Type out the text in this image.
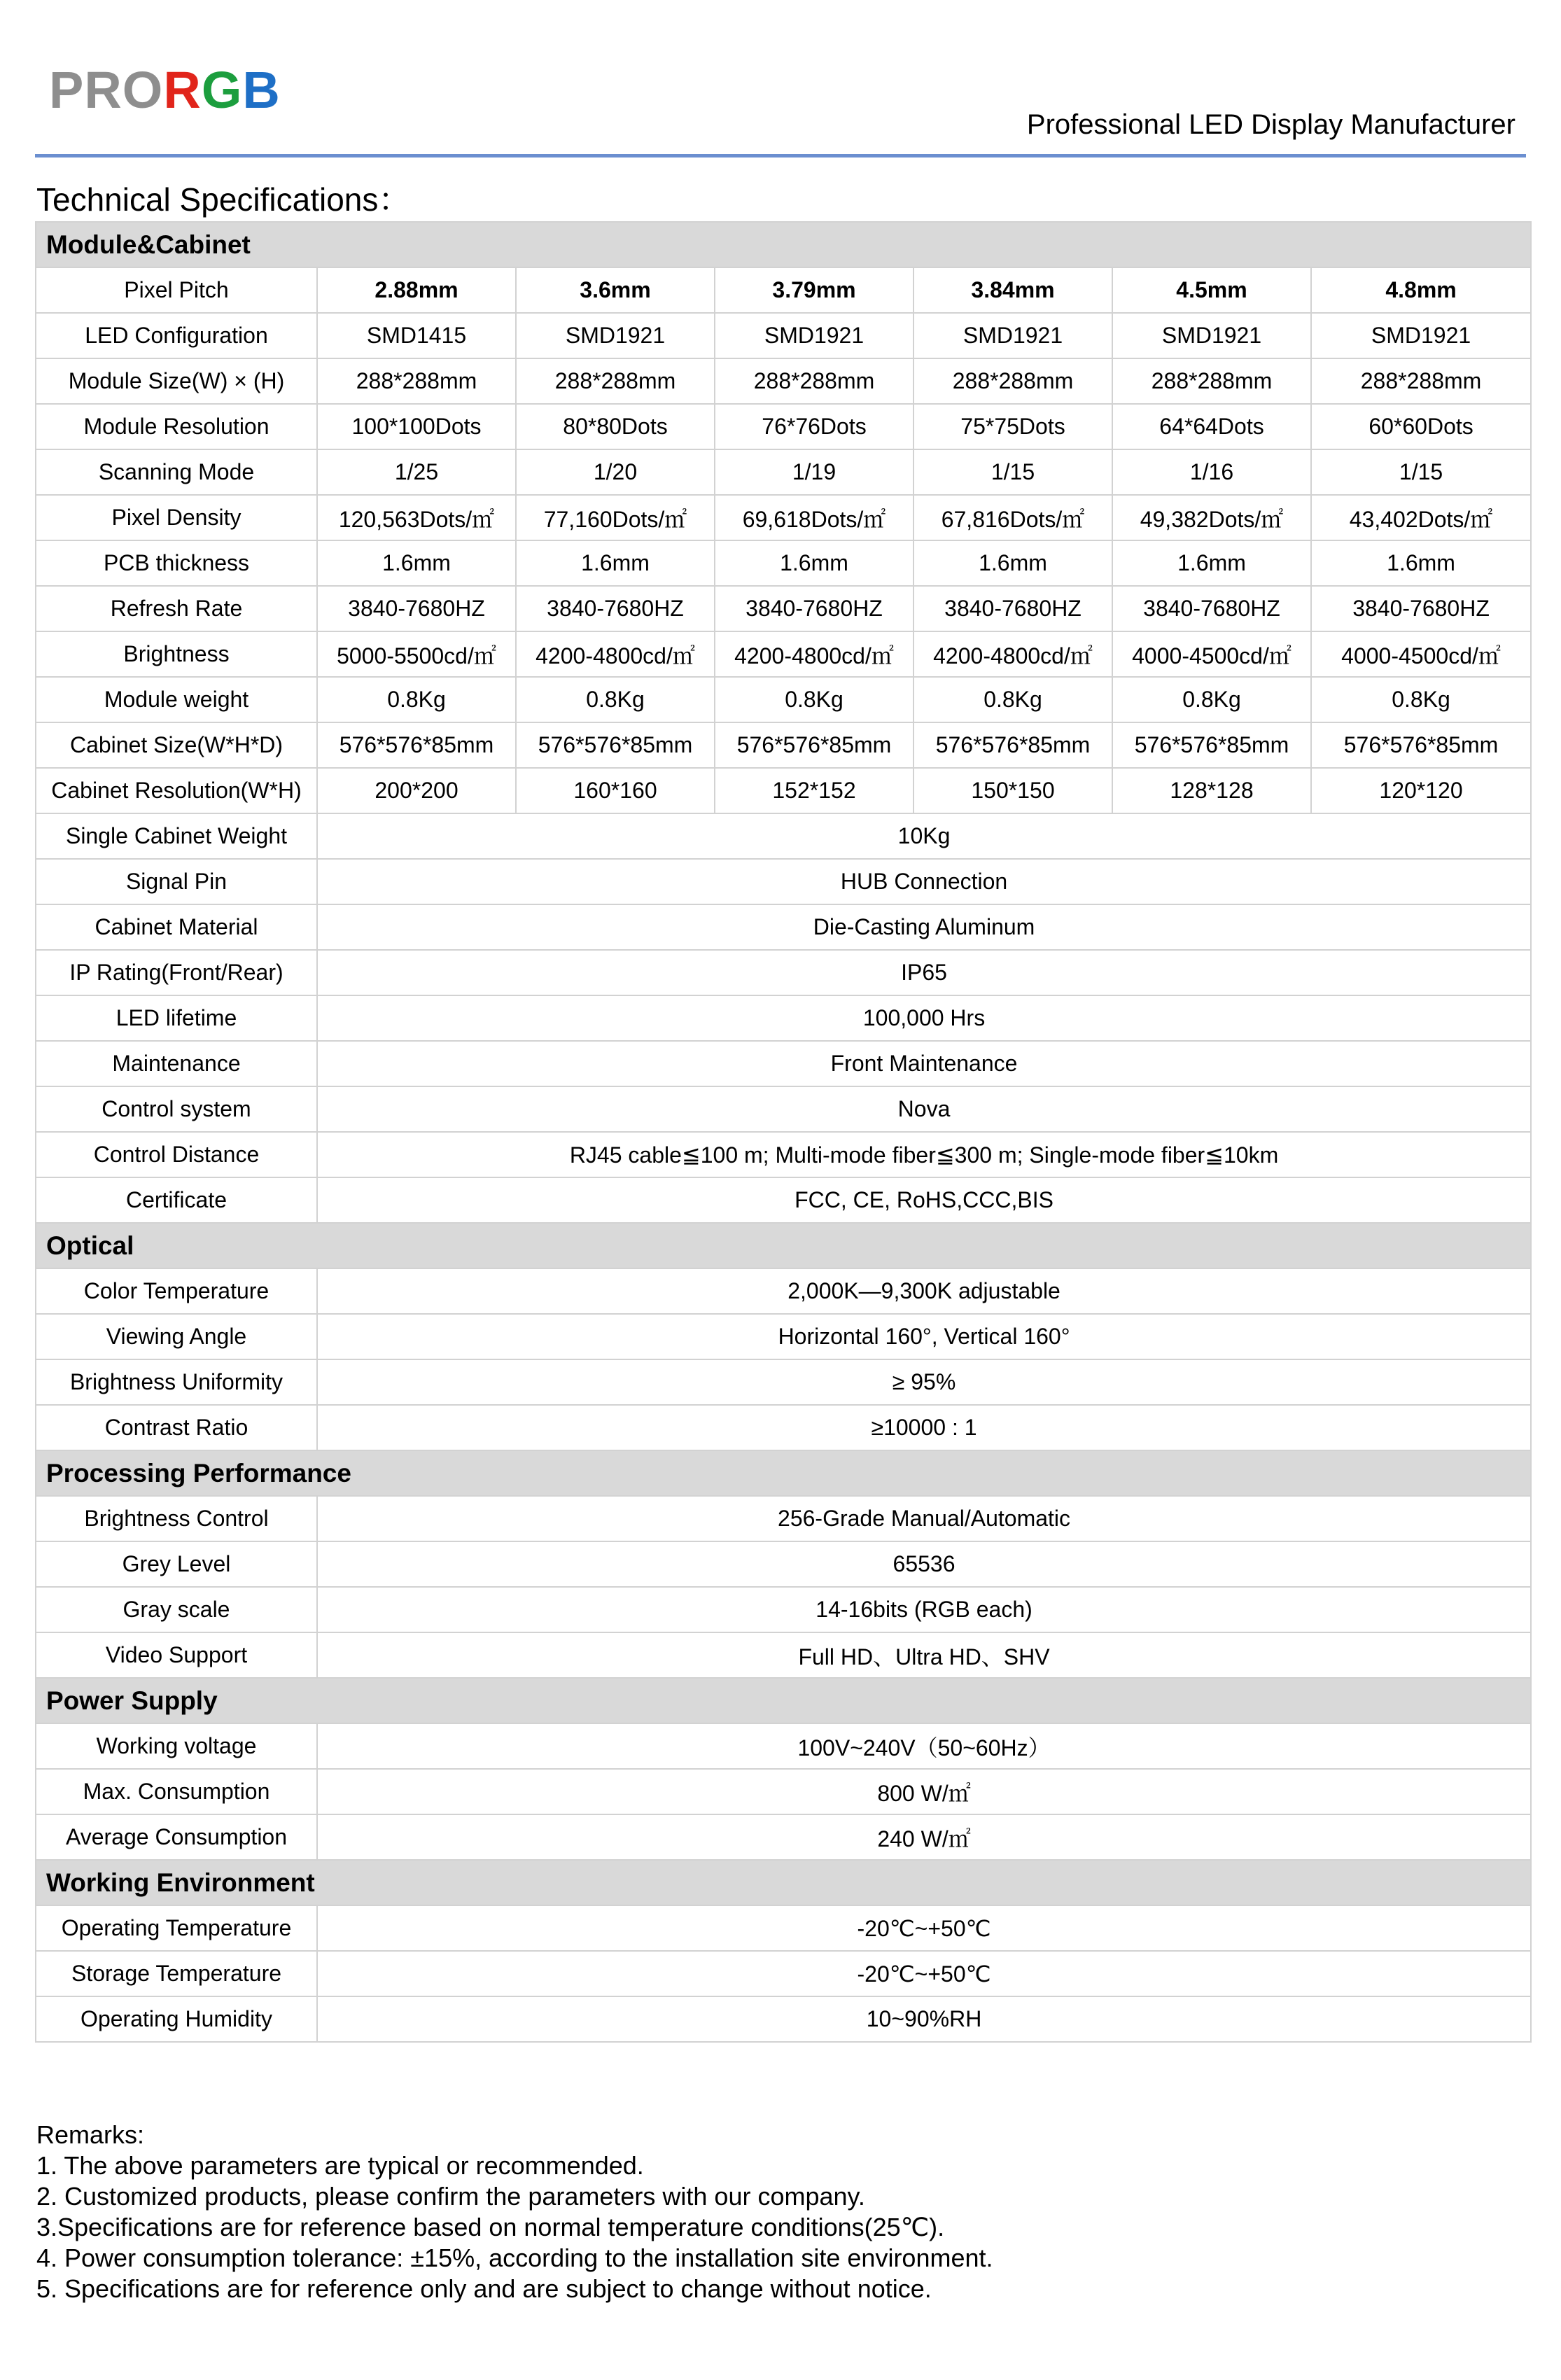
PRORGB
Professional LED Display Manufacturer
Technical Specifications：
Module&Cabinet						
Pixel Pitch	2.88mm	3.6mm	3.79mm	3.84mm	4.5mm	4.8mm
LED Configuration	SMD1415	SMD1921	SMD1921	SMD1921	SMD1921	SMD1921
Module Size(W) × (H)	288*288mm	288*288mm	288*288mm	288*288mm	288*288mm	288*288mm
Module Resolution	100*100Dots	80*80Dots	76*76Dots	75*75Dots	64*64Dots	60*60Dots
Scanning Mode	1/25	1/20	1/19	1/15	1/16	1/15
Pixel Density	120,563Dots/㎡	77,160Dots/㎡	69,618Dots/㎡	67,816Dots/㎡	49,382Dots/㎡	43,402Dots/㎡
PCB thickness	1.6mm	1.6mm	1.6mm	1.6mm	1.6mm	1.6mm
Refresh Rate	3840-7680HZ	3840-7680HZ	3840-7680HZ	3840-7680HZ	3840-7680HZ	3840-7680HZ
Brightness	5000-5500cd/㎡	4200-4800cd/㎡	4200-4800cd/㎡	4200-4800cd/㎡	4000-4500cd/㎡	4000-4500cd/㎡
Module weight	0.8Kg	0.8Kg	0.8Kg	0.8Kg	0.8Kg	0.8Kg
Cabinet Size(W*H*D)	576*576*85mm	576*576*85mm	576*576*85mm	576*576*85mm	576*576*85mm	576*576*85mm
Cabinet Resolution(W*H)	200*200	160*160	152*152	150*150	128*128	120*120
Single Cabinet Weight	10Kg					
Signal Pin	HUB Connection					
Cabinet Material	Die-Casting Aluminum					
IP Rating(Front/Rear)	IP65					
LED lifetime	100,000 Hrs					
Maintenance	Front Maintenance					
Control system	Nova					
Control Distance	RJ45 cable≦100 m; Multi-mode fiber≦300 m; Single-mode fiber≦10km					
Certificate	FCC, CE, RoHS,CCC,BIS					
Optical						
Color Temperature	2,000K—9,300K adjustable					
Viewing Angle	Horizontal 160°, Vertical 160°					
Brightness Uniformity	≥ 95%					
Contrast Ratio	≥10000 : 1					
Processing Performance						
Brightness Control	256-Grade Manual/Automatic					
Grey Level	65536					
Gray scale	14-16bits (RGB each)					
Video Support	Full HD、Ultra HD、SHV					
Power Supply						
Working voltage	100V~240V（50~60Hz）					
Max. Consumption	800 W/㎡					
Average Consumption	240 W/㎡					
Working Environment						
Operating Temperature	-20℃~+50℃					
Storage Temperature	-20℃~+50℃					
Operating Humidity	10~90%RH					
Remarks:
1. The above parameters are typical or recommended.
2. Customized products, please confirm the parameters with our company.
3.Specifications are for reference based on normal temperature conditions(25℃).
4. Power consumption tolerance: ±15%, according to the installation site environment.
5. Specifications are for reference only and are subject to change without notice.
